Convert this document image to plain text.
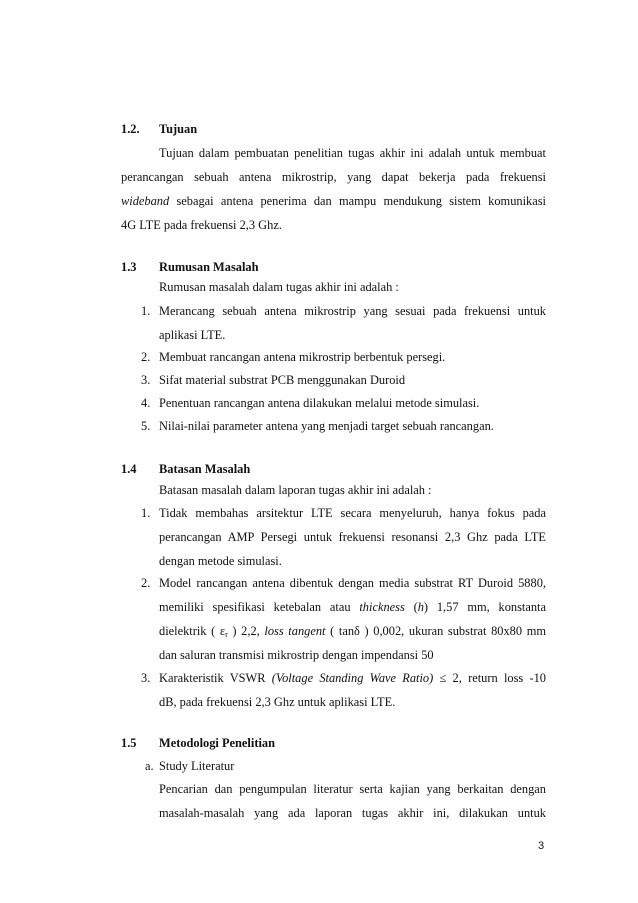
1.2. Tujuan
Tujuan dalam pembuatan penelitian tugas akhir ini adalah untuk membuat
perancangan sebuah antena mikrostrip, yang dapat bekerja pada frekuensi
wideband sebagai antena penerima dan mampu mendukung sistem komunikasi
4G LTE pada frekuensi 2,3 Ghz.
1.3 Rumusan Masalah
Rumusan masalah dalam tugas akhir ini adalah :
1. Merancang sebuah antena mikrostrip yang sesuai pada frekuensi untuk
aplikasi LTE.
2. Membuat rancangan antena mikrostrip berbentuk persegi.
3. Sifat material substrat PCB menggunakan Duroid
4. Penentuan rancangan antena dilakukan melalui metode simulasi.
5. Nilai-nilai parameter antena yang menjadi target sebuah rancangan.
1.4 Batasan Masalah
Batasan masalah dalam laporan tugas akhir ini adalah :
1. Tidak membahas arsitektur LTE secara menyeluruh, hanya fokus pada
perancangan AMP Persegi untuk frekuensi resonansi 2,3 Ghz pada LTE
dengan metode simulasi.
2. Model rancangan antena dibentuk dengan media substrat RT Duroid 5880,
memiliki spesifikasi ketebalan atau thickness (h) 1,57 mm, konstanta
dielektrik ( $\varepsilon_r$ ) 2,2, loss tangent ( tanδ ) 0,002, ukuran substrat 80x80 mm
dan saluran transmisi mikrostrip dengan impendansi 50
3. Karakteristik VSWR (Voltage Standing Wave Ratio) ≤ 2, return loss -10
dB, pada frekuensi 2,3 Ghz untuk aplikasi LTE.
1.5 Metodologi Penelitian
a. Study Literatur
Pencarian dan pengumpulan literatur serta kajian yang berkaitan dengan
masalah-masalah yang ada laporan tugas akhir ini, dilakukan untuk
3
